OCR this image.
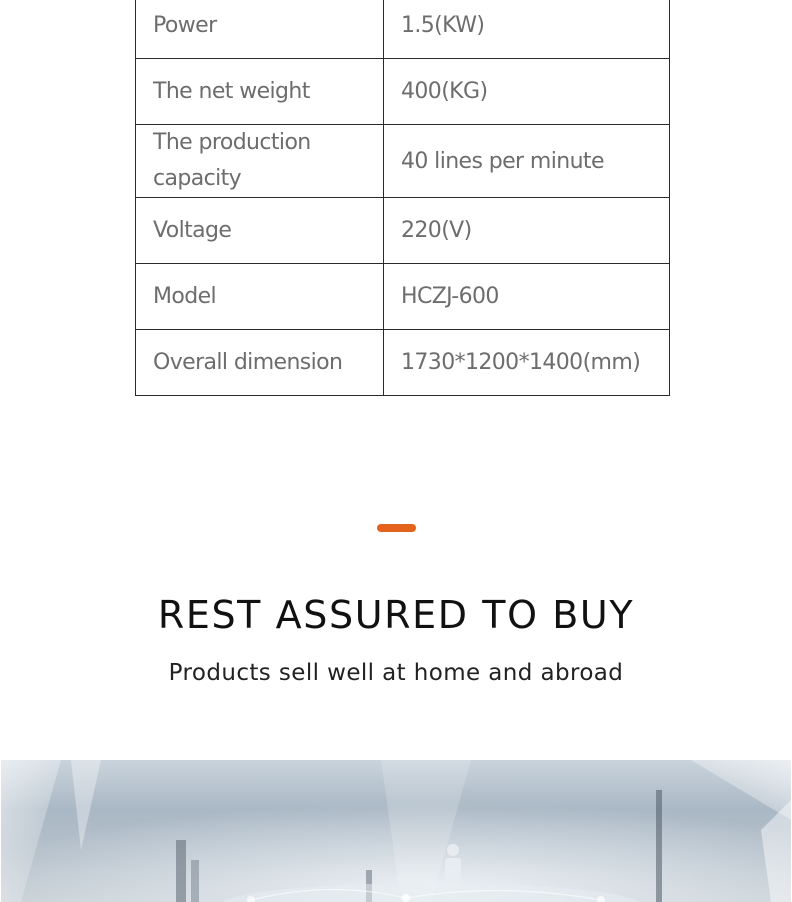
Power	1.5(KW)
The net weight	400(KG)
The production capacity	40 lines per minute
Voltage	220(V)
Model	HCZJ-600
Overall dimension	1730*1200*1400(mm)
REST ASSURED TO BUY

Products sell well at home and abroad
